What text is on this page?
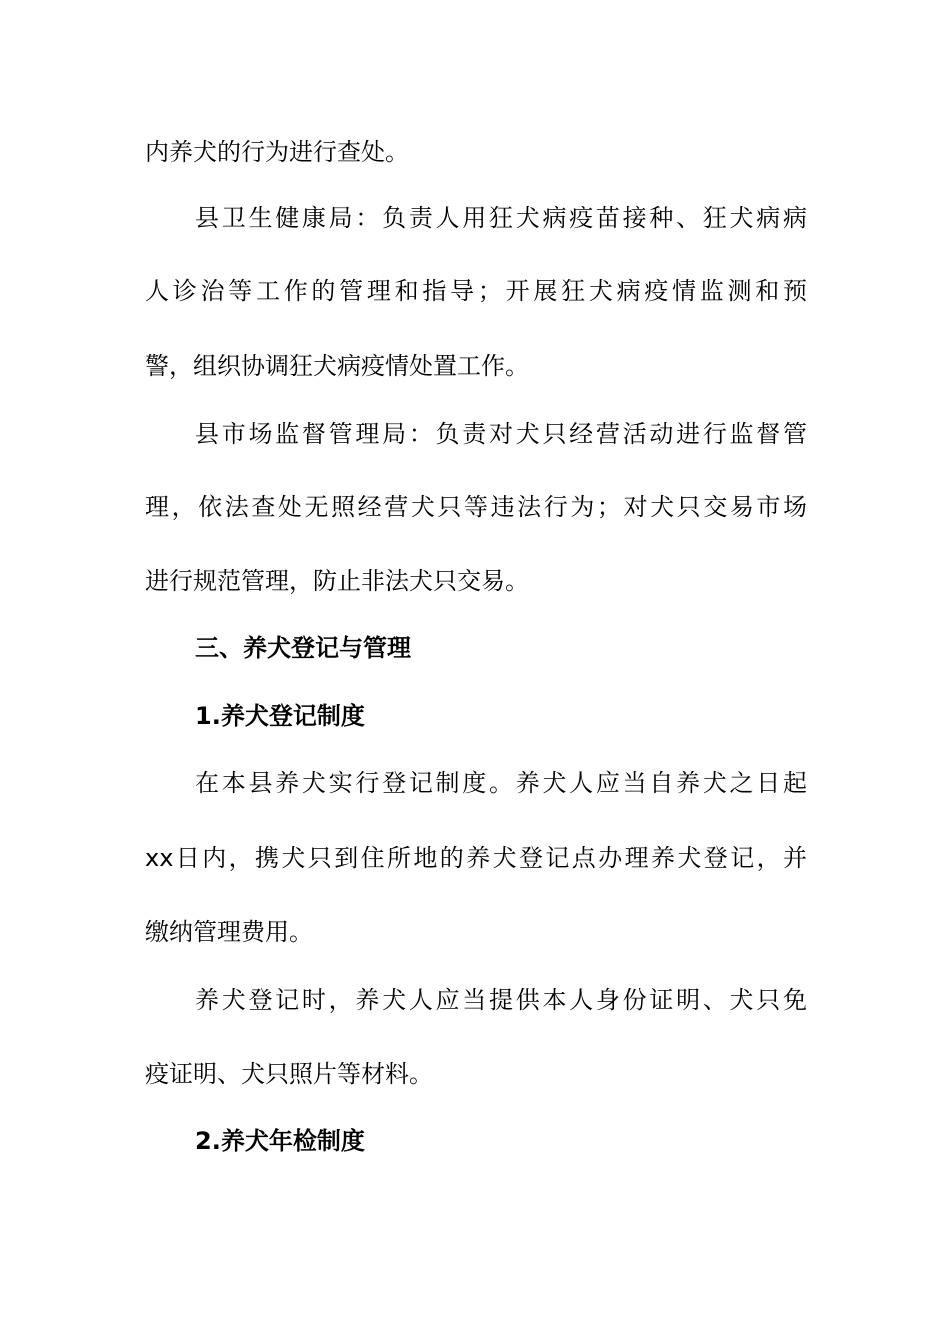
内养犬的行为进行查处。
县卫生健康局：负责人用狂犬病疫苗接种、狂犬病病
人诊治等工作的管理和指导；开展狂犬病疫情监测和预
警，组织协调狂犬病疫情处置工作。
县市场监督管理局：负责对犬只经营活动进行监督管
理，依法查处无照经营犬只等违法行为；对犬只交易市场
进行规范管理，防止非法犬只交易。
三、养犬登记与管理
1.养犬登记制度
在本县养犬实行登记制度。养犬人应当自养犬之日起
xx日内，携犬只到住所地的养犬登记点办理养犬登记，并
缴纳管理费用。
养犬登记时，养犬人应当提供本人身份证明、犬只免
疫证明、犬只照片等材料。
2.养犬年检制度
